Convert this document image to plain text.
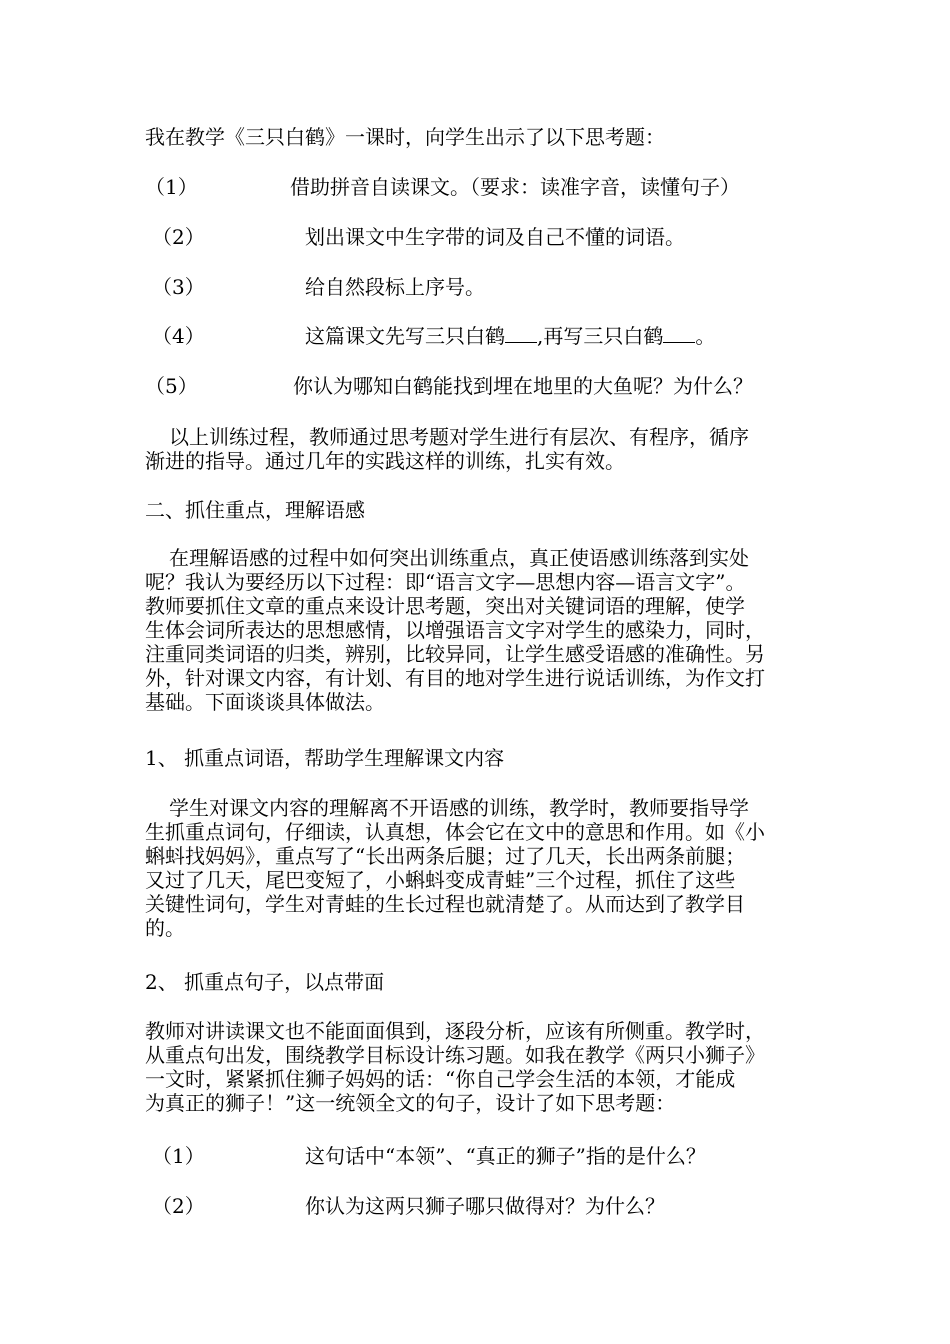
我在教学《三只白鹤》一课时，向学生出示了以下思考题：
（1）	借助拼音自读课文。（要求：读准字音，读懂句子）
（2）	划出课文中生字带的词及自己不懂的词语。
（3）	给自然段标上序号。
（4）	这篇课文先写三只白鹤 ,再写三只白鹤 。
（5）	你认为哪知白鹤能找到埋在地里的大鱼呢？为什么？
以上训练过程，教师通过思考题对学生进行有层次、有程序，循序
渐进的指导。通过几年的实践这样的训练，扎实有效。
二、抓住重点，理解语感
在理解语感的过程中如何突出训练重点，真正使语感训练落到实处
呢？我认为要经历以下过程：即“语言文字—思想内容—语言文字”。
教师要抓住文章的重点来设计思考题，突出对关键词语的理解，使学
生体会词所表达的思想感情，以增强语言文字对学生的感染力，同时，
注重同类词语的归类，辨别，比较异同，让学生感受语感的准确性。另
外，针对课文内容，有计划、有目的地对学生进行说话训练，为作文打
基础。下面谈谈具体做法。
1、 抓重点词语，帮助学生理解课文内容
学生对课文内容的理解离不开语感的训练，教学时，教师要指导学
生抓重点词句，仔细读，认真想，体会它在文中的意思和作用。如《小
蝌蚪找妈妈》，重点写了“长出两条后腿；过了几天，长出两条前腿；
又过了几天，尾巴变短了，小蝌蚪变成青蛙”三个过程，抓住了这些
关键性词句，学生对青蛙的生长过程也就清楚了。从而达到了教学目
的。
2、 抓重点句子，以点带面
教师对讲读课文也不能面面俱到，逐段分析，应该有所侧重。教学时，
从重点句出发，围绕教学目标设计练习题。如我在教学《两只小狮子》
一文时，紧紧抓住狮子妈妈的话：“你自己学会生活的本领，才能成
为真正的狮子！”这一统领全文的句子，设计了如下思考题：
（1）	这句话中“本领”、“真正的狮子”指的是什么？
（2）	你认为这两只狮子哪只做得对？为什么？
